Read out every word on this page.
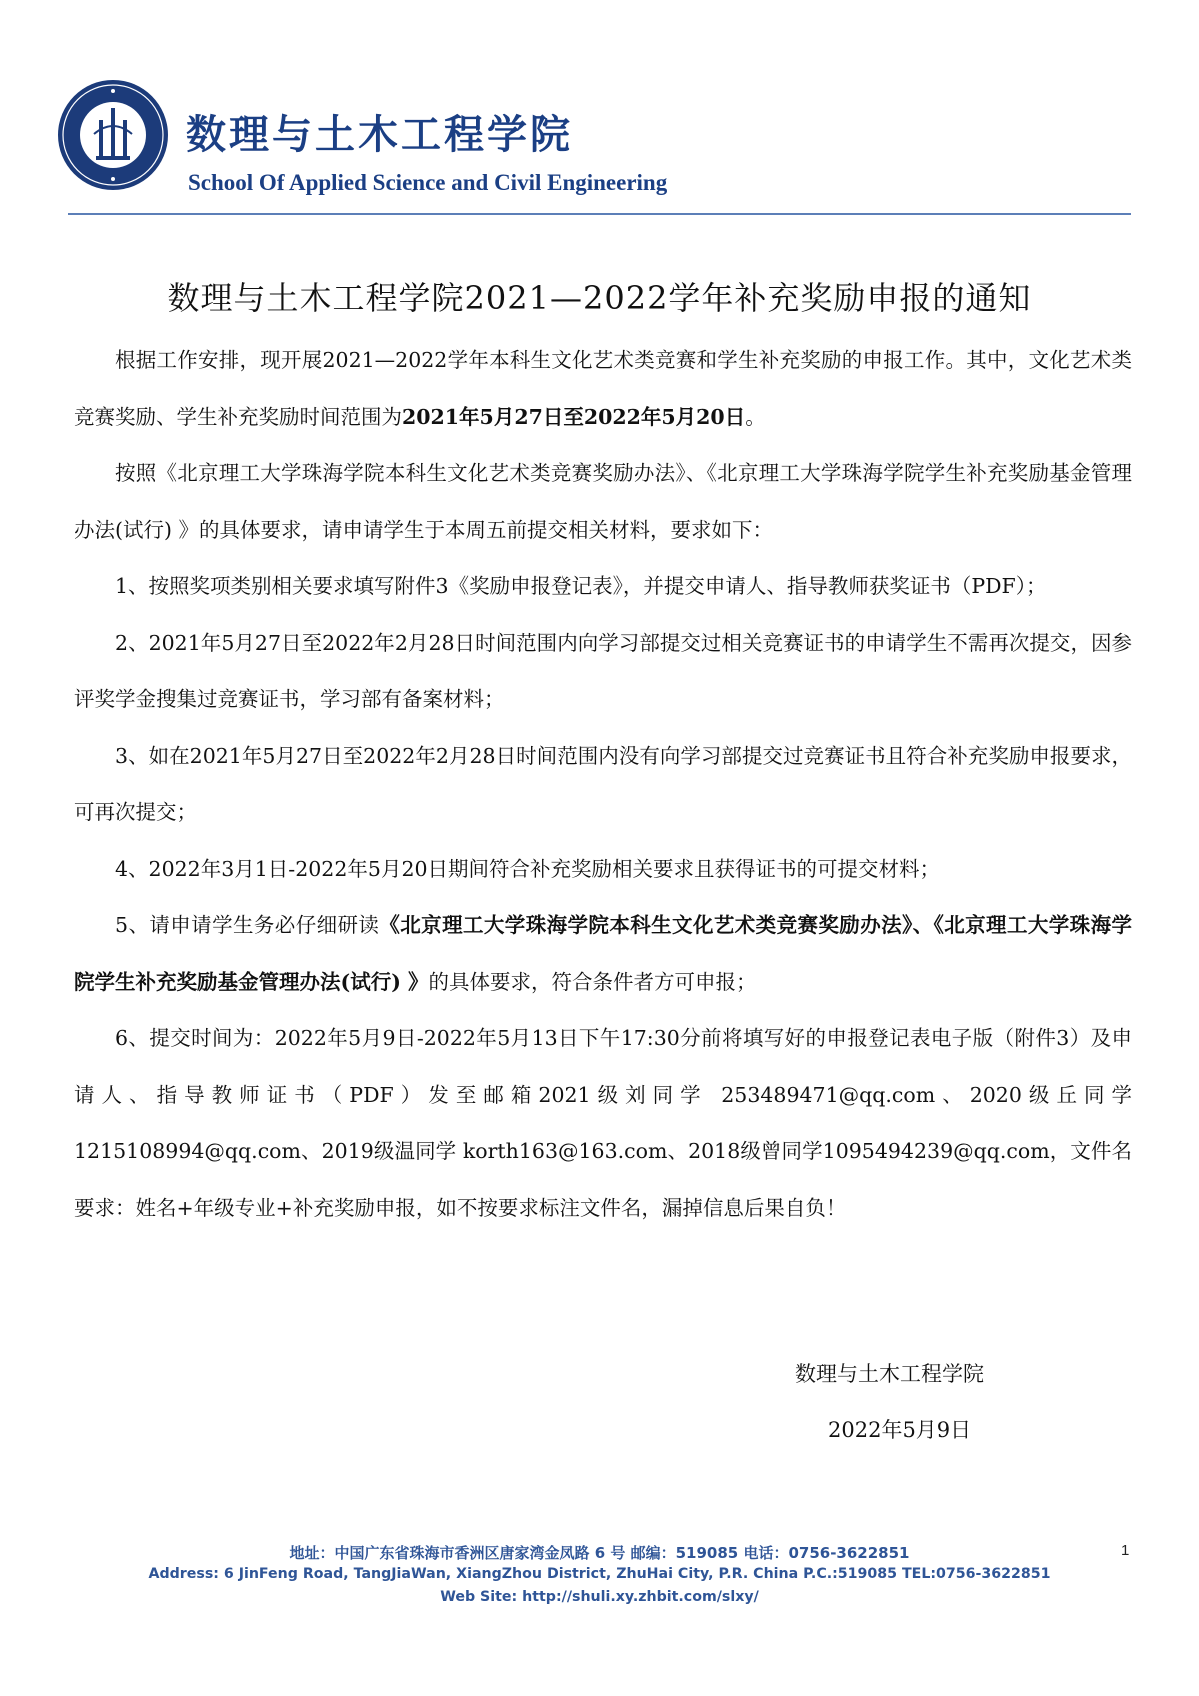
数理与土木工程学院
School Of Applied Science and Civil Engineering
数理与土木工程学院2021—2022学年补充奖励申报的通知

根据工作安排，现开展2021—2022学年本科生文化艺术类竞赛和学生补充奖励的申报工作。其中，文化艺术类竞赛奖励、学生补充奖励时间范围为2021年5月27日至2022年5月20日。

按照《北京理工大学珠海学院本科生文化艺术类竞赛奖励办法》、《北京理工大学珠海学院学生补充奖励基金管理办法(试行) 》的具体要求，请申请学生于本周五前提交相关材料，要求如下：

1、按照奖项类别相关要求填写附件3《奖励申报登记表》，并提交申请人、指导教师获奖证书（PDF）；

2、2021年5月27日至2022年2月28日时间范围内向学习部提交过相关竞赛证书的申请学生不需再次提交，因参评奖学金搜集过竞赛证书，学习部有备案材料；

3、如在2021年5月27日至2022年2月28日时间范围内没有向学习部提交过竞赛证书且符合补充奖励申报要求，可再次提交；

4、2022年3月1日-2022年5月20日期间符合补充奖励相关要求且获得证书的可提交材料；

5、请申请学生务必仔细研读《北京理工大学珠海学院本科生文化艺术类竞赛奖励办法》、《北京理工大学珠海学院学生补充奖励基金管理办法(试行) 》的具体要求，符合条件者方可申报；

6、提交时间为：2022年5月9日-2022年5月13日下午17:30分前将填写好的申报登记表电子版（附件3）及申请人、指导教师证书（PDF）发至邮箱2021级刘同学 253489471@qq.com、2020级丘同学1215108994@qq.com、2019级温同学 korth163@163.com、2018级曾同学1095494239@qq.com，文件名要求：姓名+年级专业+补充奖励申报，如不按要求标注文件名，漏掉信息后果自负！

数理与土木工程学院
2022年5月9日
地址：中国广东省珠海市香洲区唐家湾金凤路 6 号 邮编：519085 电话：0756-3622851
Address: 6 JinFeng Road, TangJiaWan, XiangZhou District, ZhuHai City, P.R. China P.C.:519085 TEL:0756-3622851
Web Site: http://shuli.xy.zhbit.com/slxy/
1
